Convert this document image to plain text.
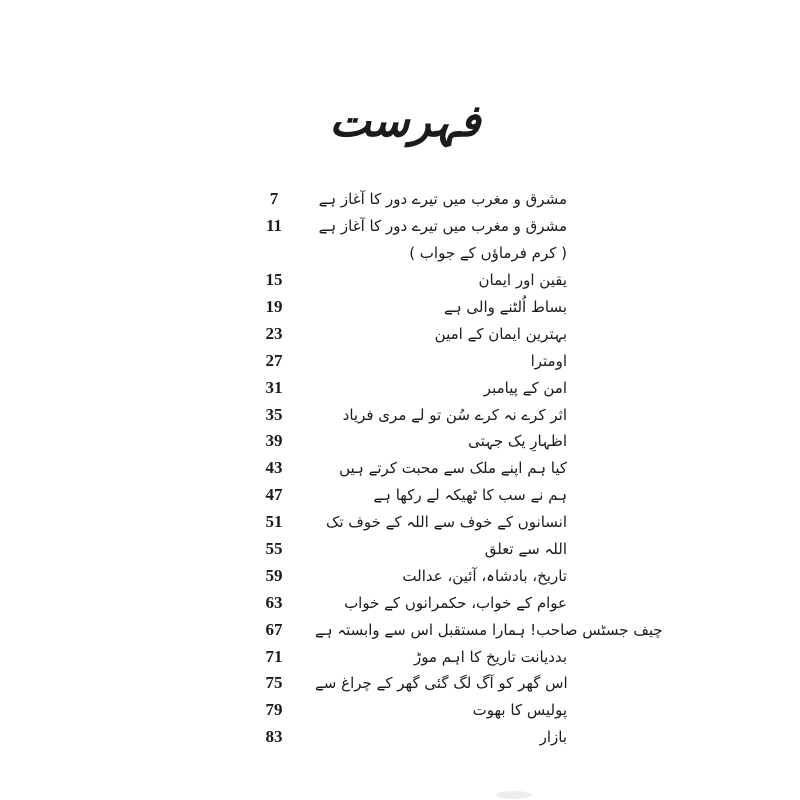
فہرست
7	مشرق و مغرب میں تیرے دور کا آغاز ہے
11	مشرق و مغرب میں تیرے دور کا آغاز ہے
( کرم فرماؤں کے جواب )
15	یقین اور ایمان
19	بساط اُلٹنے والی ہے
23	بہترین ایمان کے امین
27	اومترا
31	امن کے پیامبر
35	اثر کرے نہ کرے سُن تو لے مری فریاد
39	اظہارِ یک جہتی
43	کیا ہم اپنے ملک سے محبت کرتے ہیں
47	ہم نے سب کا ٹھیکہ لے رکھا ہے
51	انسانوں کے خوف سے اللہ کے خوف تک
55	اللہ سے تعلق
59	تاریخ، بادشاہ، آئین، عدالت
63	عوام کے خواب، حکمرانوں کے خواب
67	چیف جسٹس صاحب! ہمارا مستقبل اس سے وابستہ ہے
71	بددیانت تاریخ کا اہم موڑ
75	اس گھر کو آگ لگ گئی گھر کے چراغ سے
79	پولیس کا بھوت
83	بازار
